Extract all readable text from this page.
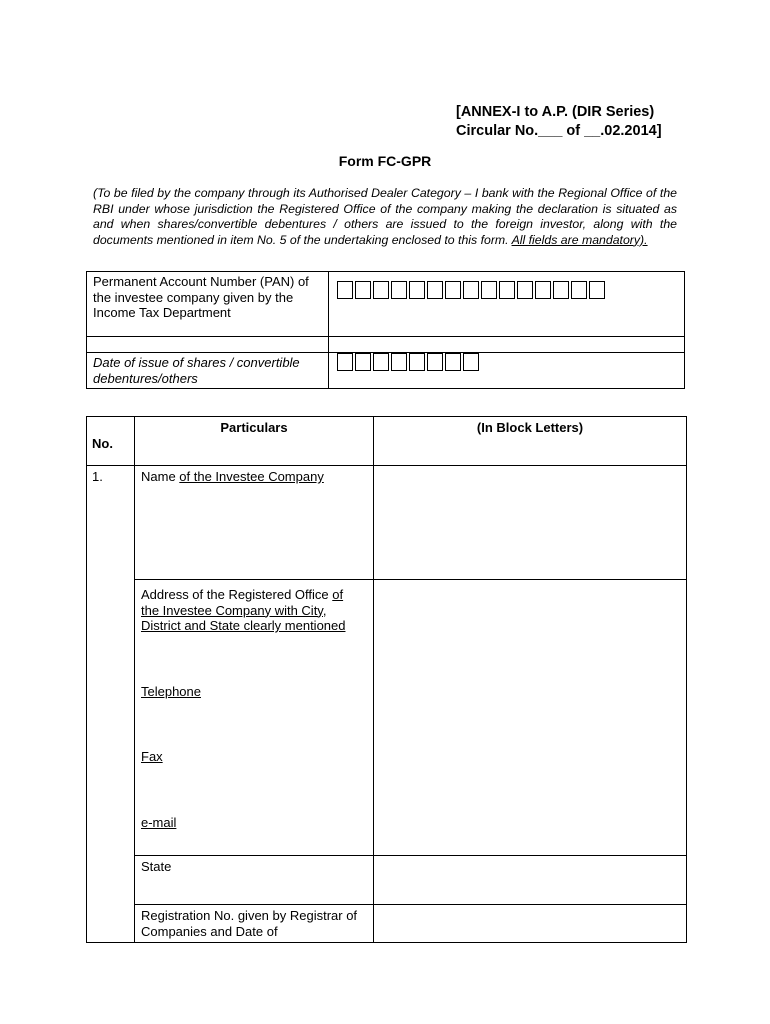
[ANNEX-I to A.P. (DIR Series)
Circular No.___ of __.02.2014]
Form FC-GPR
(To be filed by the company through its Authorised Dealer Category – I bank with the Regional Office of the RBI under whose jurisdiction the Registered Office of the company making the declaration is situated as and when shares/convertible debentures / others are issued to the foreign investor, along with the documents mentioned in item No. 5 of the undertaking enclosed to this form. All fields are mandatory).
Permanent Account Number (PAN) of the investee company given by the Income Tax Department	

Date of issue of shares / convertible debentures/others	
No.	Particulars	(In Block Letters)
1.	Name of the Investee Company	

	Address of the Registered Office of
the Investee Company with City, District and State clearly mentioned
Telephone
Fax
e-mail	

	State	
	Registration No. given by Registrar of Companies and Date of	
